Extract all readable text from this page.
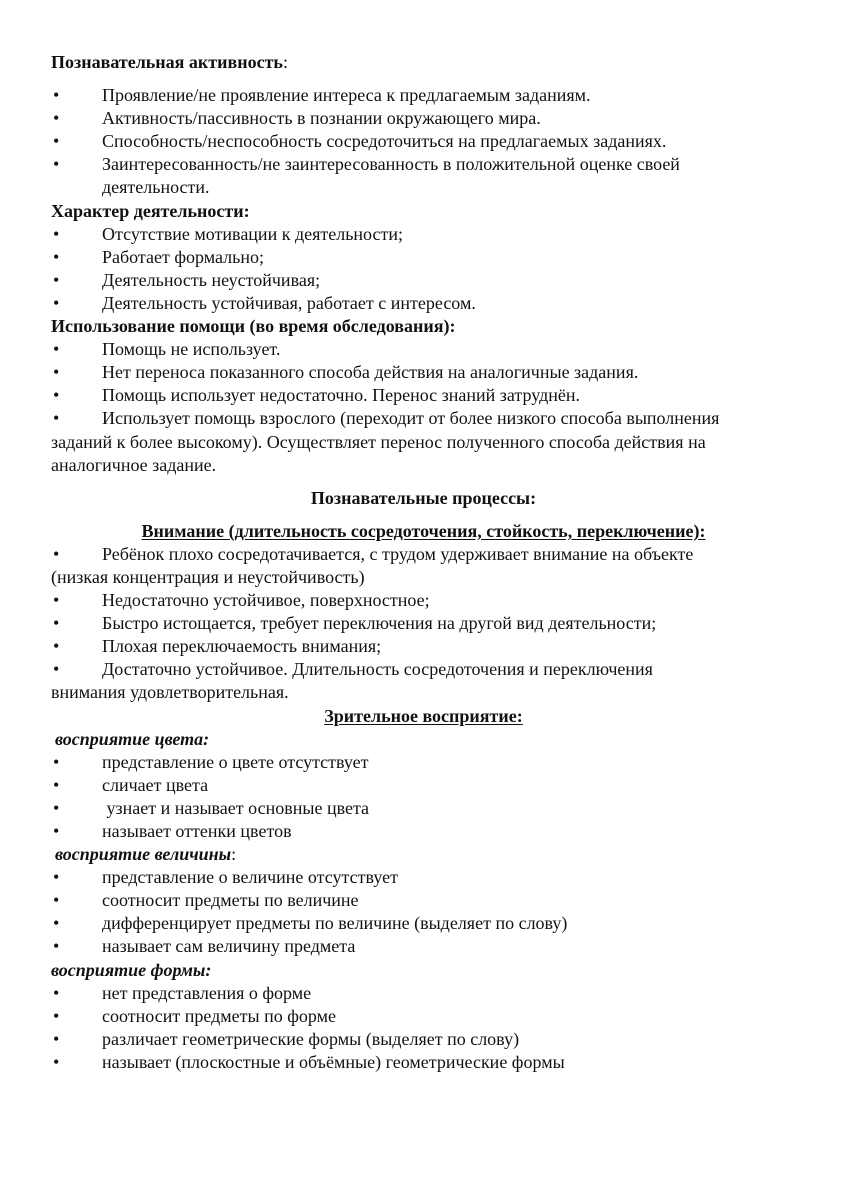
Познавательная активность:
• Проявление/не проявление интереса к предлагаемым заданиям.
• Активность/пассивность в познании окружающего мира.
• Способность/неспособность сосредоточиться на предлагаемых заданиях.
• Заинтересованность/не заинтересованность в положительной оценке своей
деятельности.
Характер деятельности:
• Отсутствие мотивации к деятельности;
• Работает формально;
• Деятельность неустойчивая;
• Деятельность устойчивая, работает с интересом.
Использование помощи (во время обследования):
• Помощь не использует.
• Нет переноса показанного способа действия на аналогичные задания.
• Помощь использует недостаточно. Перенос знаний затруднён.
• Использует помощь взрослого (переходит от более низкого способа выполнения
заданий к более высокому). Осуществляет перенос полученного способа действия на
аналогичное задание.
Познавательные процессы:
Внимание (длительность сосредоточения, стойкость, переключение):
• Ребёнок плохо сосредотачивается, с трудом удерживает внимание на объекте
(низкая концентрация и неустойчивость)
• Недостаточно устойчивое, поверхностное;
• Быстро истощается, требует переключения на другой вид деятельности;
• Плохая переключаемость внимания;
• Достаточно устойчивое. Длительность сосредоточения и переключения
внимания удовлетворительная.
Зрительное восприятие:
восприятие цвета:
• представление о цвете отсутствует
• сличает цвета
• узнает и называет основные цвета
• называет оттенки цветов
восприятие величины:
• представление о величине отсутствует
• соотносит предметы по величине
• дифференцирует предметы по величине (выделяет по слову)
• называет сам величину предмета
восприятие формы:
• нет представления о форме
• соотносит предметы по форме
• различает геометрические формы (выделяет по слову)
• называет (плоскостные и объёмные) геометрические формы
